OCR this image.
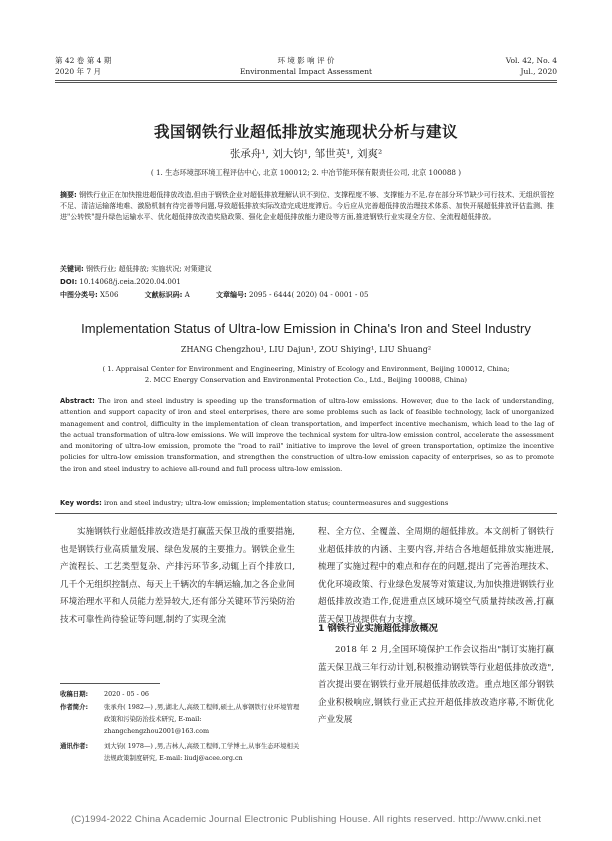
第 42 卷 第 4 期	环 境 影 响 评 价	Vol. 42, No. 4
2020 年 7 月	Environmental Impact Assessment	Jul., 2020
我国钢铁行业超低排放实施现状分析与建议
张承舟¹, 刘大钧¹, 邹世英¹, 刘爽²
( 1. 生态环境部环境工程评估中心, 北京 100012; 2. 中冶节能环保有限责任公司, 北京 100088 )
摘要: 钢铁行业正在加快推进超低排放改造,但由于钢铁企业对超低排放理解认识不到位、支撑程度不够、支撑能力不足,存在部分环节缺少可行技术、无组织管控不足、清洁运输落地难、激励机制有待完善等问题,导致超低排放实际改造完成进度滞后。今后应从完善超低排放治理技术体系、加快开展超低排放评估监测、推进"公转铁"提升绿色运输水平、优化超低排放改造奖励政策、强化企业超低排放能力建设等方面,推进钢铁行业实现全方位、全流程超低排放。
关键词: 钢铁行业; 超低排放; 实施状况; 对策建议
DOI: 10.14068/j.ceia.2020.04.001
中图分类号: X506	文献标识码: A	文章编号: 2095 - 6444( 2020) 04 - 0001 - 05
Implementation Status of Ultra-low Emission in China's Iron and Steel Industry
ZHANG Chengzhou¹, LIU Dajun¹, ZOU Shiying¹, LIU Shuang²
( 1. Appraisal Center for Environment and Engineering, Ministry of Ecology and Environment, Beijing 100012, China;
2. MCC Energy Conservation and Environmental Protection Co., Ltd., Beijing 100088, China)
Abstract: The iron and steel industry is speeding up the transformation of ultra-low emissions. However, due to the lack of understanding, attention and support capacity of iron and steel enterprises, there are some problems such as lack of feasible technology, lack of unorganized management and control, difficulty in the implementation of clean transportation, and imperfect incentive mechanism, which lead to the lag of the actual transformation of ultra-low emissions. We will improve the technical system for ultra-low emission control, accelerate the assessment and monitoring of ultra-low emission, promote the "road to rail" initiative to improve the level of green transportation, optimize the incentive policies for ultra-low emission transformation, and strengthen the construction of ultra-low emission capacity of enterprises, so as to promote the iron and steel industry to achieve all-round and full process ultra-low emission.
Key words: iron and steel industry; ultra-low emission; implementation status; countermeasures and suggestions
实施钢铁行业超低排放改造是打赢蓝天保卫战的重要措施,也是钢铁行业高质量发展、绿色发展的主要推力。钢铁企业生产流程长、工艺类型复杂、产排污环节多,动辄上百个排放口,几千个无组织控制点、每天上千辆次的车辆运输,加之各企业间环境治理水平和人员能力差异较大,还有部分关键环节污染防治技术可靠性尚待验证等问题,制约了实现全流
程、全方位、全覆盖、全周期的超低排放。本文剖析了钢铁行业超低排放的内涵、主要内容,并结合各地超低排放实施进展,梳理了实施过程中的难点和存在的问题,提出了完善治理技术、优化环境政策、行业绿色发展等对策建议,为加快推进钢铁行业超低排放改造工作,促进重点区域环境空气质量持续改善,打赢蓝天保卫战提供有力支撑。
1 钢铁行业实施超低排放概况
2018 年 2 月,全国环境保护工作会议指出"制订实施打赢蓝天保卫战三年行动计划,积极推动钢铁等行业超低排放改造",首次提出要在钢铁行业开展超低排放改造。重点地区部分钢铁企业积极响应,钢铁行业正式拉开超低排放改造序幕,不断优化产业发展
收稿日期: 2020 - 05 - 06
作者简介: 张承舟( 1982—) ,男,湖北人,高级工程师,硕士,从事钢铁行业环境管理政策和污染防治技术研究, E-mail: zhangchengzhou2001@163.com
通讯作者: 刘大钧( 1978—) ,男,吉林人,高级工程师,工学博士,从事生态环境相关法规政策制度研究, E-mail: liudj@acee.org.cn
(C)1994-2022 China Academic Journal Electronic Publishing House. All rights reserved. http://www.cnki.net
